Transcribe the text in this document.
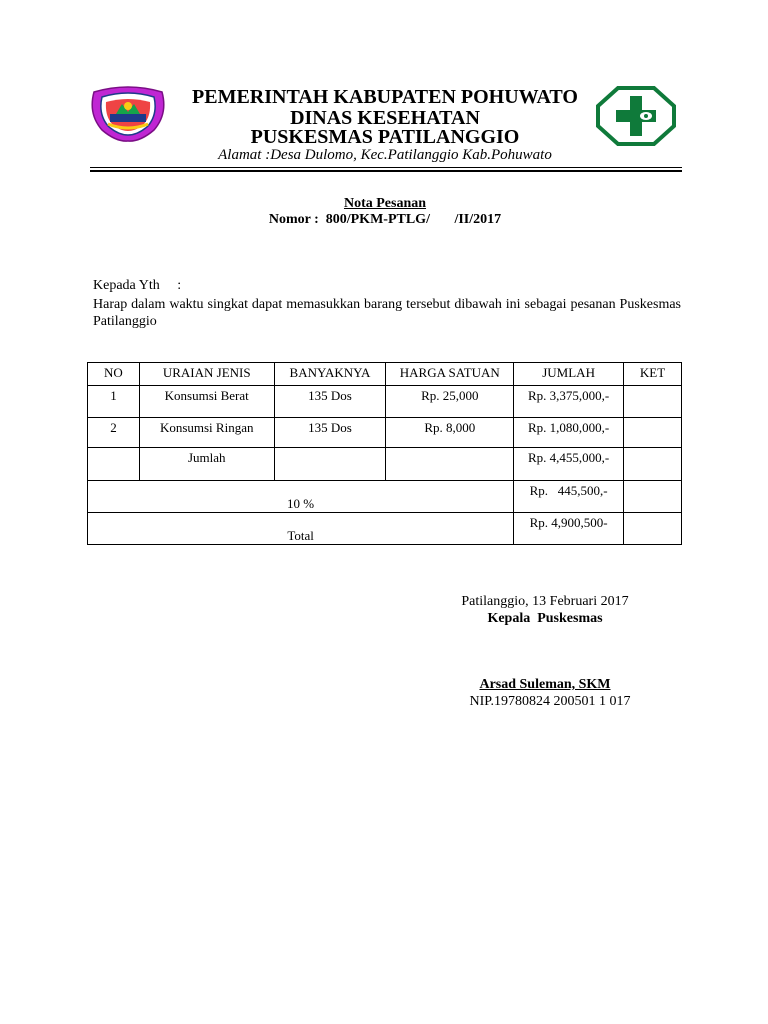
PEMERINTAH KABUPATEN POHUWATO
DINAS KESEHATAN
PUSKESMAS PATILANGGIO
Alamat :Desa Dulomo, Kec.Patilanggio Kab.Pohuwato
Nota Pesanan
Nomor :  800/PKM-PTLG/       /II/2017
Kepada Yth     :
Harap dalam waktu singkat dapat memasukkan barang tersebut dibawah ini sebagai pesanan Puskesmas Patilanggio
NO	URAIAN JENIS	BANYAKNYA	HARGA SATUAN	JUMLAH	KET
1	Konsumsi Berat	135 Dos	Rp. 25,000	Rp. 3,375,000,-	
2	Konsumsi Ringan	135 Dos	Rp. 8,000	Rp. 1,080,000,-	
	Jumlah			Rp. 4,455,000,-	

10 %				Rp.   445,500,-	

Total				Rp. 4,900,500-	
Patilanggio, 13 Februari 2017
Kepala  Puskesmas
Arsad Suleman, SKM
NIP.19780824 200501 1 017
